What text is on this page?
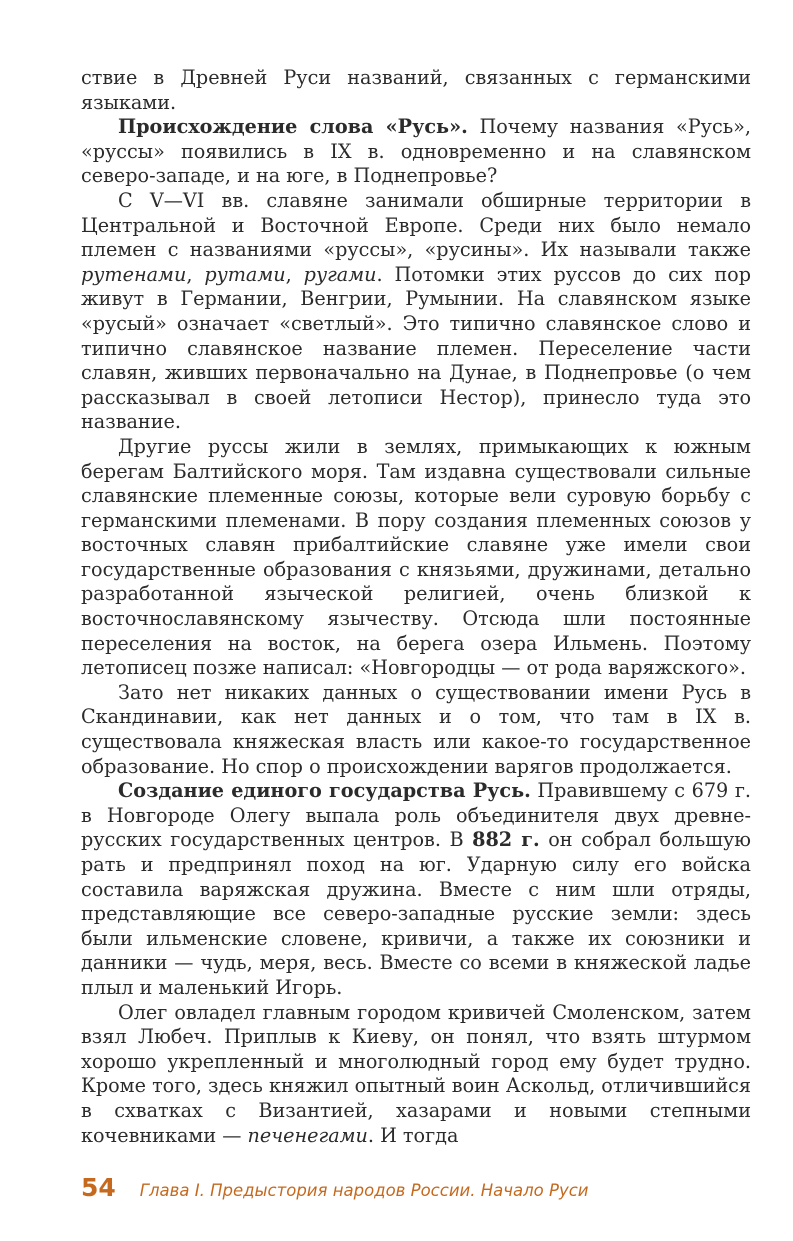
ствие в Древней Руси названий, связанных с германскими языками.

Происхождение слова «Русь». Почему названия «Русь», «руссы» появились в IX в. одновременно и на славянском северо-западе, и на юге, в Поднепровье?

С V—VI вв. славяне занимали обширные территории в Центральной и Восточной Европе. Среди них было немало племен с названиями «руссы», «русины». Их называли также рутенами, рутами, ругами. Потомки этих руссов до сих пор живут в Германии, Венгрии, Румынии. На славянском языке «русый» означает «светлый». Это типично славянское слово и типично славянское название племен. Переселение части славян, живших первоначально на Дунае, в Поднепровье (о чем рассказывал в своей летописи Нестор), принесло туда это название.

Другие руссы жили в землях, примыкающих к южным берегам Балтийского моря. Там издавна существовали сильные славянские племенные союзы, которые вели суровую борьбу с германскими племенами. В пору создания племенных союзов у восточных славян прибалтийские славяне уже имели свои государственные образования с князьями, дружинами, детально разработанной языческой религией, очень близкой к восточнославянскому язычеству. Отсюда шли постоянные переселения на восток, на берега озера Ильмень. Поэтому летописец позже написал: «Новгородцы — от рода варяжского».

Зато нет никаких данных о существовании имени Русь в Скандинавии, как нет данных и о том, что там в IX в. существовала княжеская власть или какое-то государственное образование. Но спор о происхождении варягов продолжается.

Создание единого государства Русь. Правившему с 679 г. в Новгороде Олегу выпала роль объединителя двух древнерусских государственных центров. В 882 г. он собрал большую рать и предпринял поход на юг. Ударную силу его войска составила варяжская дружина. Вместе с ним шли отряды, представляющие все северо-западные русские земли: здесь были ильменские словене, кривичи, а также их союзники и данники — чудь, меря, весь. Вместе со всеми в княжеской ладье плыл и маленький Игорь.

Олег овладел главным городом кривичей Смоленском, затем взял Любеч. Приплыв к Киеву, он понял, что взять штурмом хорошо укрепленный и многолюдный город ему будет трудно. Кроме того, здесь княжил опытный воин Аскольд, отличившийся в схватках с Византией, хазарами и новыми степными кочевниками — печенегами. И тогда

54 Глава I. Предыстория народов России. Начало Руси
